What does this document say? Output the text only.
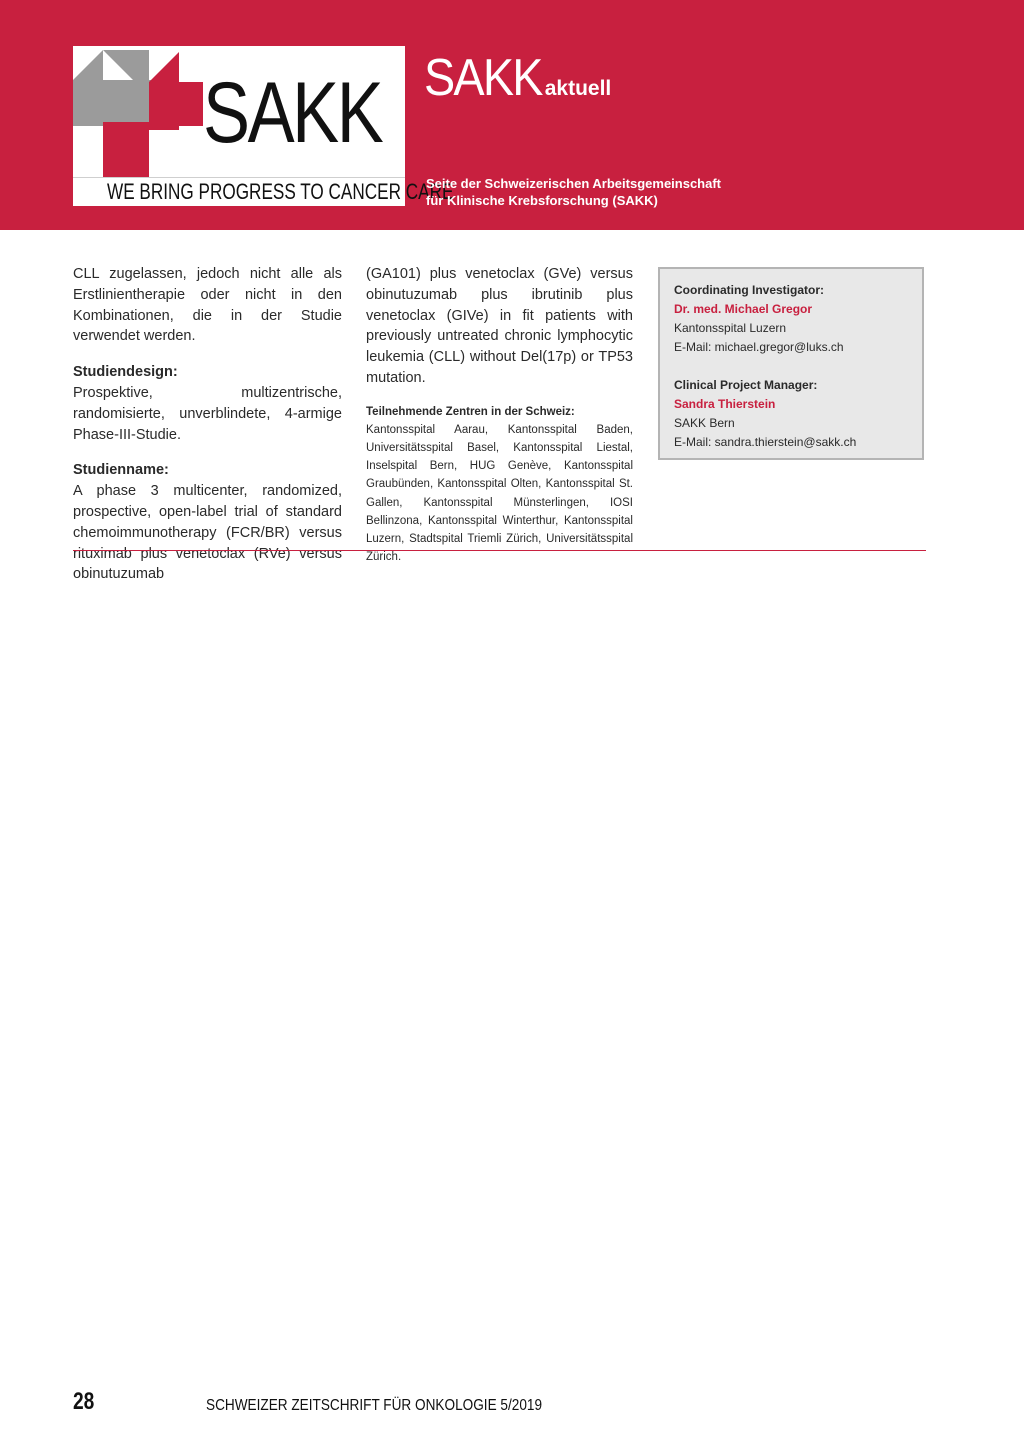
SAKK
WE BRING PROGRESS TO CANCER CARE
SAKK aktuell
Seite der Schweizerischen Arbeitsgemeinschaft
für Klinische Krebsforschung (SAKK)

CLL zugelassen, jedoch nicht alle als Erstlinientherapie oder nicht in den Kombinationen, die in der Studie verwendet werden.

Studiendesign:
Prospektive, multizentrische, randomisierte, unverblindete, 4-armige Phase-III-Studie.

Studienname:
A phase 3 multicenter, randomized, prospective, open-label trial of standard chemoimmunotherapy (FCR/BR) versus rituximab plus venetoclax (RVe) versus obinutuzumab

(GA101) plus venetoclax (GVe) versus obinutuzumab plus ibrutinib plus venetoclax (GIVe) in fit patients with previously untreated chronic lymphocytic leukemia (CLL) without Del(17p) or TP53 mutation.

Teilnehmende Zentren in der Schweiz:
Kantonsspital Aarau, Kantonsspital Baden, Universitätsspital Basel, Kantonsspital Liestal, Inselspital Bern, HUG Genève, Kantonsspital Graubünden, Kantonsspital Olten, Kantonsspital St. Gallen, Kantonsspital Münsterlingen, IOSI Bellinzona, Kantonsspital Winterthur, Kantonsspital Luzern, Stadtspital Triemli Zürich, Universitätsspital Zürich.

Coordinating Investigator:
Dr. med. Michael Gregor
Kantonsspital Luzern
E-Mail: michael.gregor@luks.ch
Clinical Project Manager:
Sandra Thierstein
SAKK Bern
E-Mail: sandra.thierstein@sakk.ch
28	SCHWEIZER ZEITSCHRIFT FÜR ONKOLOGIE 5/2019
